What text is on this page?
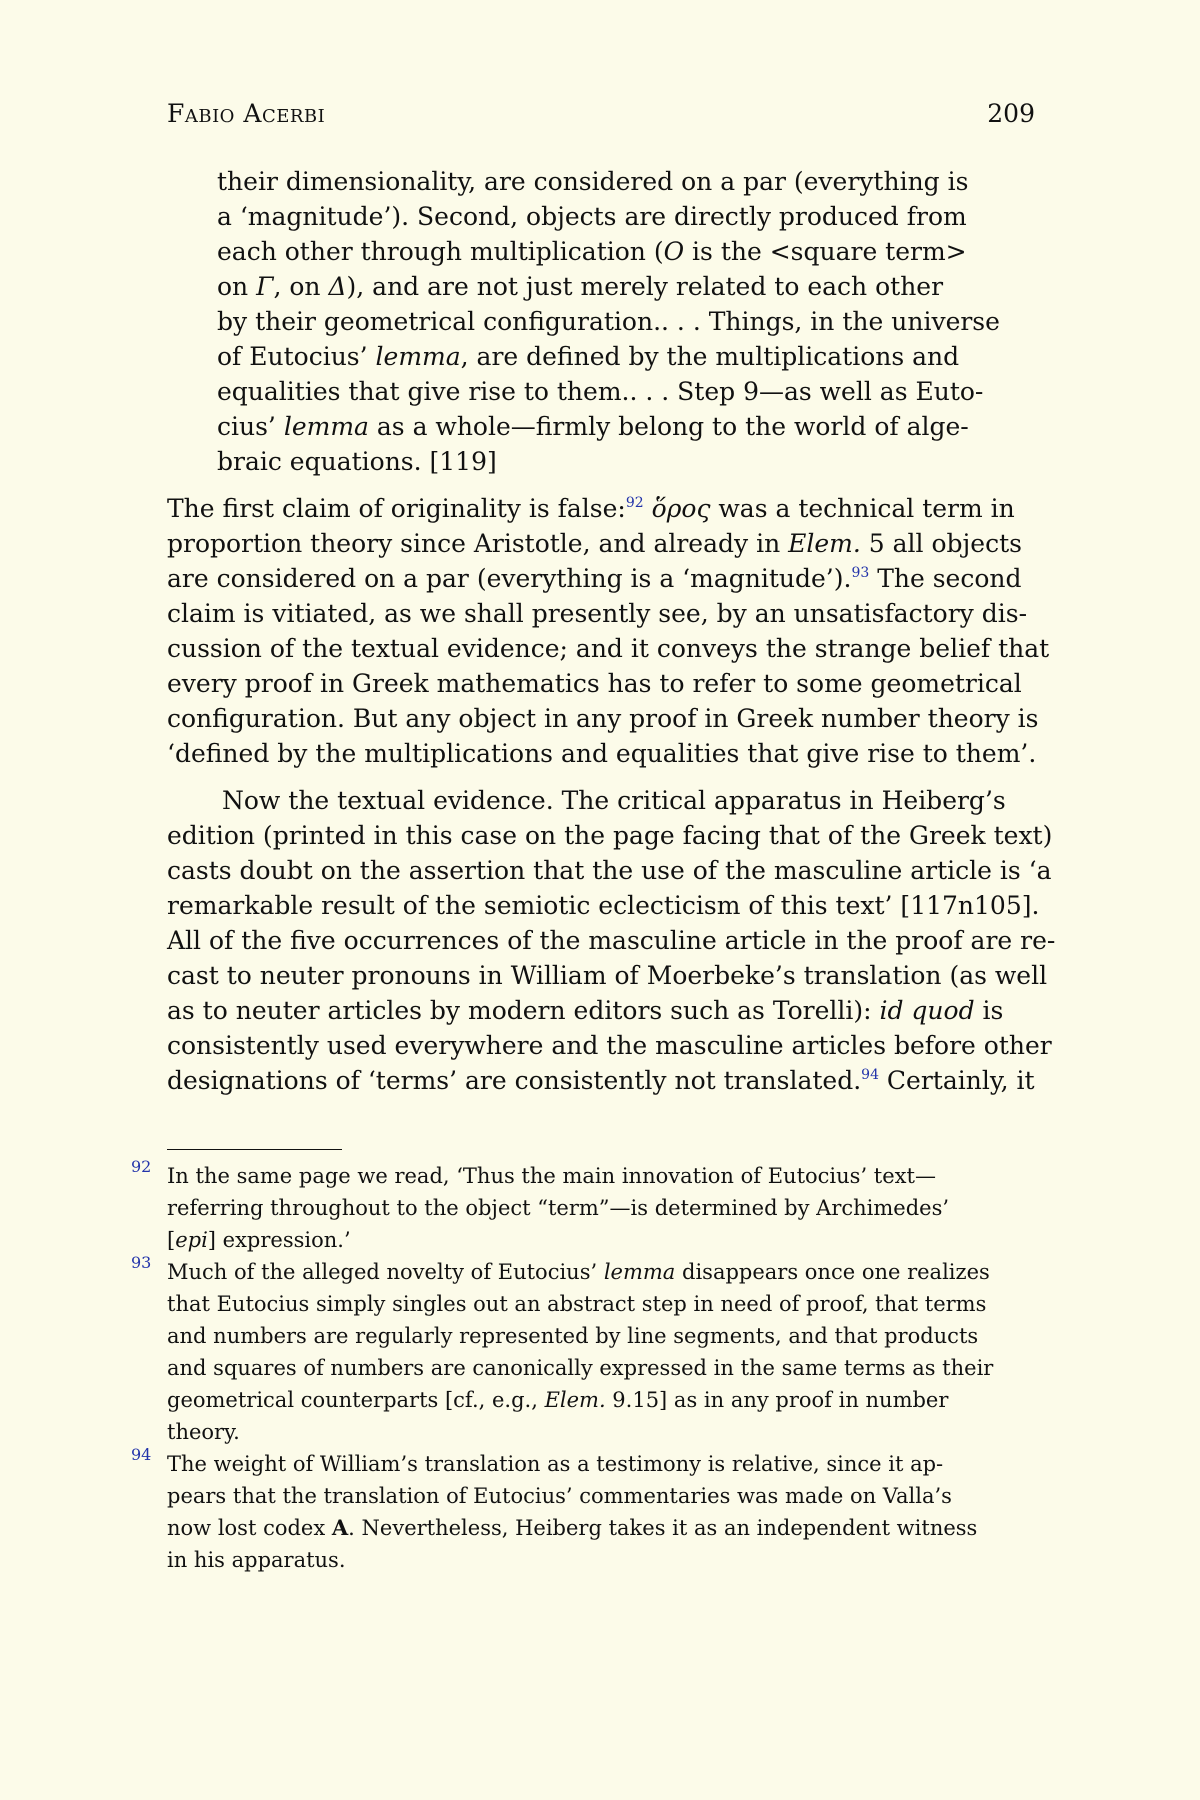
Fabio Acerbi	209
their dimensionality, are considered on a par (everything is
a ‘magnitude’). Second, objects are directly produced from
each other through multiplication (O is the <square term>
on Γ, on Δ), and are not just merely related to each other
by their geometrical configuration.. . . Things, in the universe
of Eutocius’ lemma, are defined by the multiplications and
equalities that give rise to them.. . . Step 9—as well as Euto-
cius’ lemma as a whole—firmly belong to the world of alge-
braic equations. [119]
The first claim of originality is false:$^{92}$ ὅρος was a technical term in
proportion theory since Aristotle, and already in Elem. 5 all objects
are considered on a par (everything is a ‘magnitude’).$^{93}$ The second
claim is vitiated, as we shall presently see, by an unsatisfactory dis-
cussion of the textual evidence; and it conveys the strange belief that
every proof in Greek mathematics has to refer to some geometrical
configuration. But any object in any proof in Greek number theory is
‘defined by the multiplications and equalities that give rise to them’.
Now the textual evidence. The critical apparatus in Heiberg’s
edition (printed in this case on the page facing that of the Greek text)
casts doubt on the assertion that the use of the masculine article is ‘a
remarkable result of the semiotic eclecticism of this text’ [117n105].
All of the five occurrences of the masculine article in the proof are re-
cast to neuter pronouns in William of Moerbeke’s translation (as well
as to neuter articles by modern editors such as Torelli): id quod is
consistently used everywhere and the masculine articles before other
designations of ‘terms’ are consistently not translated.$^{94}$ Certainly, it
92 In the same page we read, ‘Thus the main innovation of Eutocius’ text—
referring throughout to the object “term”—is determined by Archimedes’
[epi] expression.’
93 Much of the alleged novelty of Eutocius’ lemma disappears once one realizes
that Eutocius simply singles out an abstract step in need of proof, that terms
and numbers are regularly represented by line segments, and that products
and squares of numbers are canonically expressed in the same terms as their
geometrical counterparts [cf., e.g., Elem. 9.15] as in any proof in number
theory.
94 The weight of William’s translation as a testimony is relative, since it ap-
pears that the translation of Eutocius’ commentaries was made on Valla’s
now lost codex A. Nevertheless, Heiberg takes it as an independent witness
in his apparatus.
